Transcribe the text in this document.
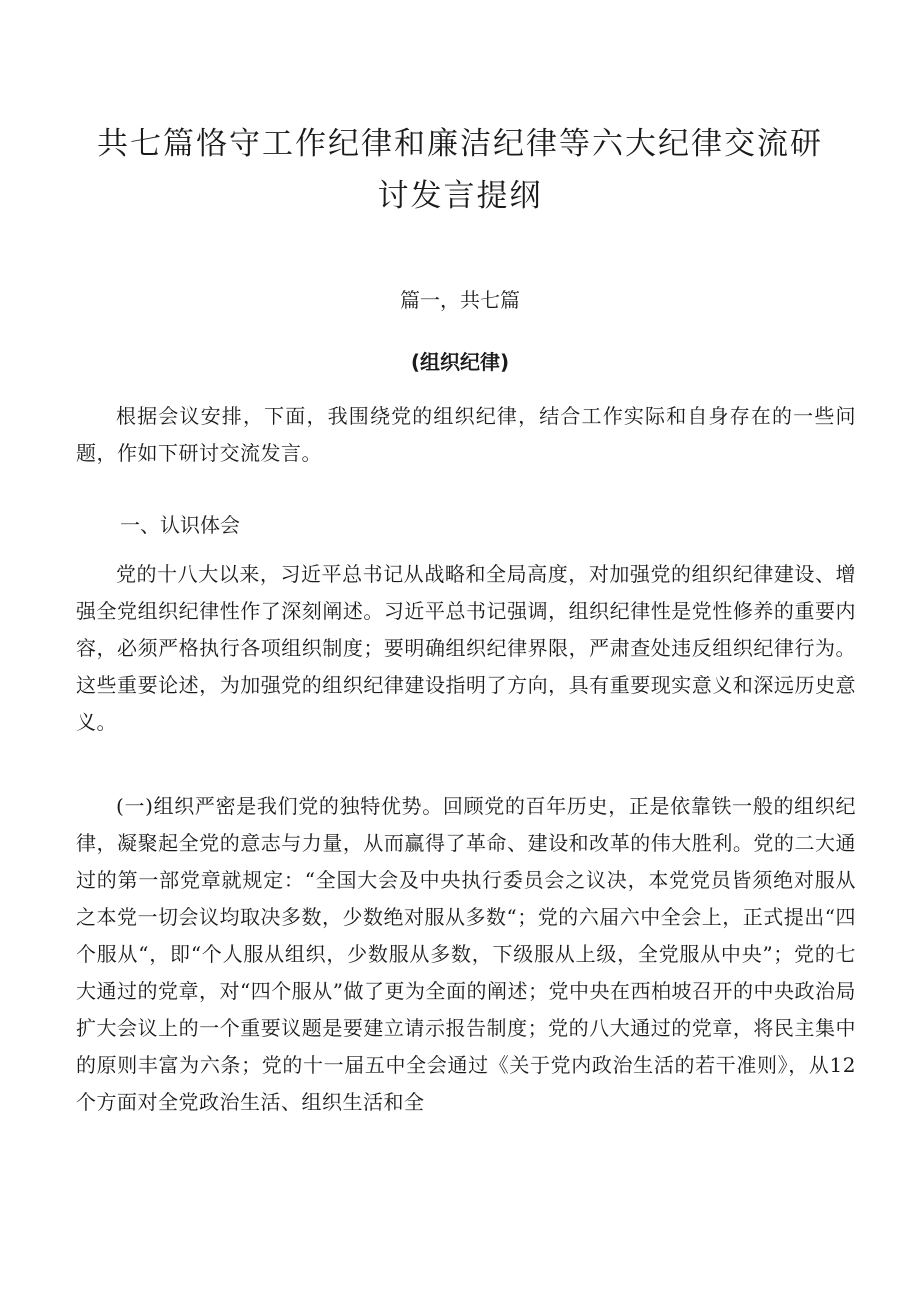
共七篇恪守工作纪律和廉洁纪律等六大纪律交流研讨发言提纲
篇一，共七篇
(组织纪律)

根据会议安排，下面，我围绕党的组织纪律，结合工作实际和自身存在的一些问题，作如下研讨交流发言。

一、认识体会

党的十八大以来，习近平总书记从战略和全局高度，对加强党的组织纪律建设、增强全党组织纪律性作了深刻阐述。习近平总书记强调，组织纪律性是党性修养的重要内容，必须严格执行各项组织制度；要明确组织纪律界限，严肃查处违反组织纪律行为。这些重要论述，为加强党的组织纪律建设指明了方向，具有重要现实意义和深远历史意义。

(一)组织严密是我们党的独特优势。回顾党的百年历史，正是依靠铁一般的组织纪律，凝聚起全党的意志与力量，从而赢得了革命、建设和改革的伟大胜利。党的二大通过的第一部党章就规定：“全国大会及中央执行委员会之议决，本党党员皆须绝对服从之本党一切会议均取决多数，少数绝对服从多数“；党的六届六中全会上，正式提出“四个服从“，即“个人服从组织，少数服从多数，下级服从上级，全党服从中央”；党的七大通过的党章，对“四个服从”做了更为全面的阐述；党中央在西柏坡召开的中央政治局扩大会议上的一个重要议题是要建立请示报告制度；党的八大通过的党章，将民主集中的原则丰富为六条；党的十一届五中全会通过《关于党内政治生活的若干准则》，从12个方面对全党政治生活、组织生活和全
